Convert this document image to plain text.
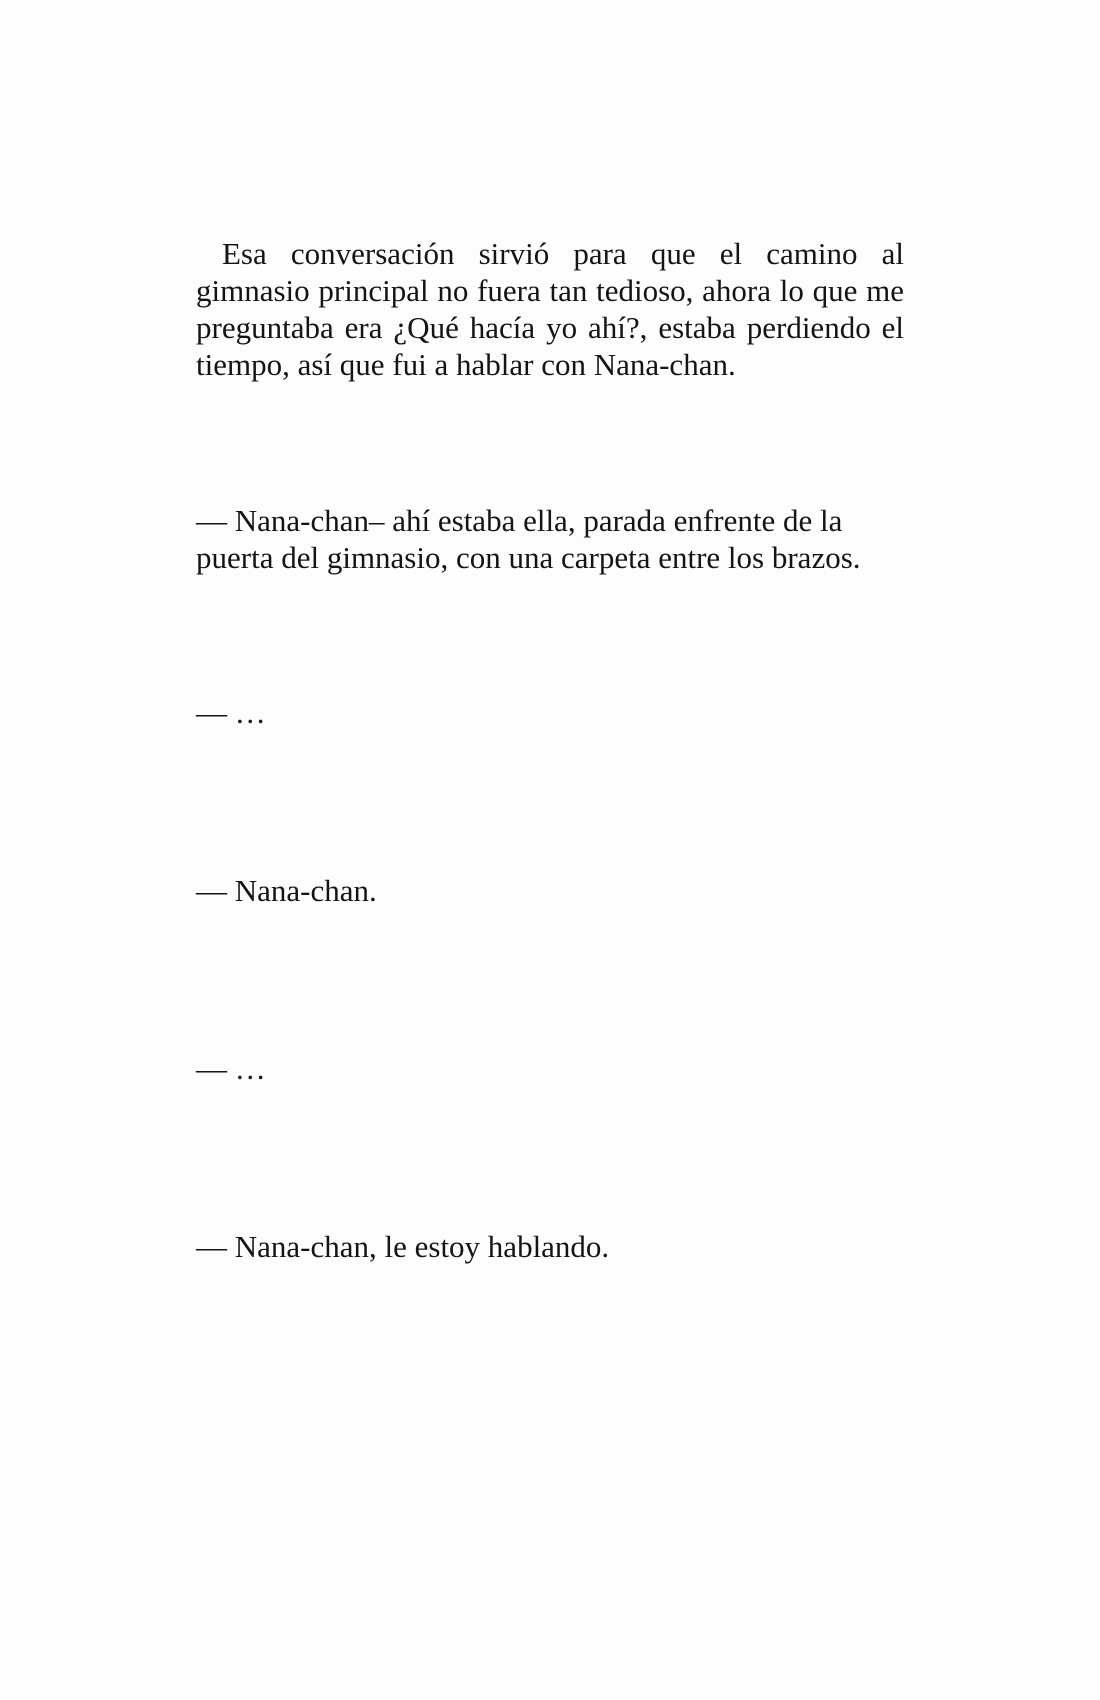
Esa conversación sirvió para que el camino al gimnasio principal no fuera tan tedioso, ahora lo que me preguntaba era ¿Qué hacía yo ahí?, estaba perdiendo el tiempo, así que fui a hablar con Nana-chan.

— Nana-chan– ahí estaba ella, parada enfrente de la puerta del gimnasio, con una carpeta entre los brazos.

— …

— Nana-chan.

— …

— Nana-chan, le estoy hablando.
